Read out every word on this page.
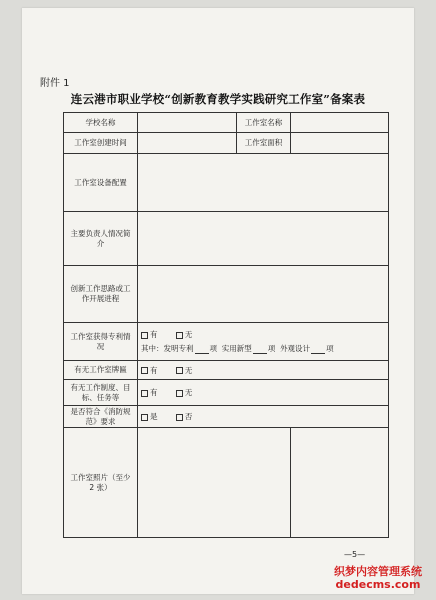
附件 1
连云港市职业学校“创新教育教学实践研究工作室”备案表
学校名称		工作室名称	
工作室创建时间		工作室面积	
工作室设备配置			
主要负责人情况简介			
创新工作思路或工作开展进程			
工作室获得专利情况	有 无
其中：发明专利 项 实用新型 项 外观设计 项		

有无工作室牌匾	有 无		
有无工作制度、目标、任务等	有 无		
是否符合《消防规范》要求	是 否		
工作室照片（至少 2 张）			
—5—
织梦内容管理系统
dedecms.com
